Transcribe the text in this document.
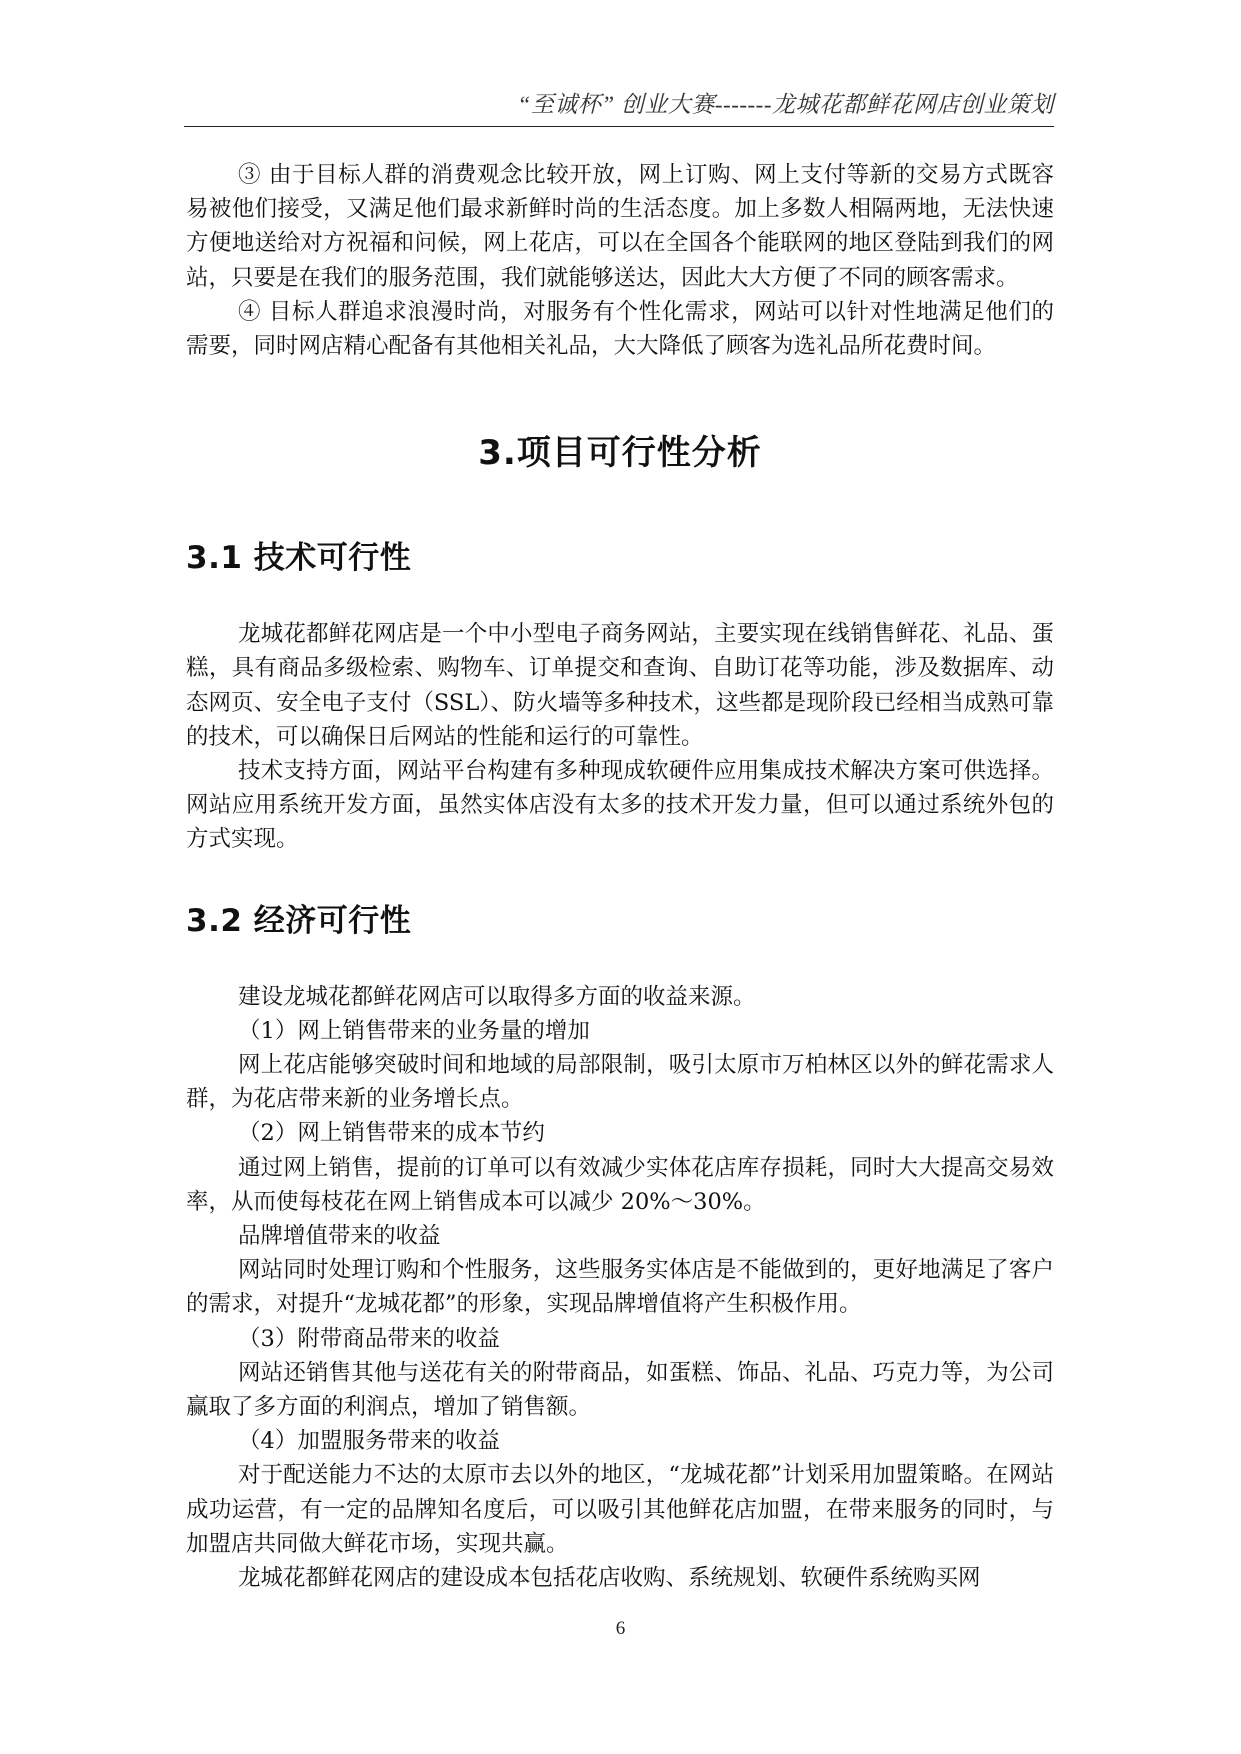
“至诚杯” 创业大赛-------龙城花都鲜花网店创业策划

③ 由于目标人群的消费观念比较开放，网上订购、网上支付等新的交易方式既容易被他们接受，又满足他们最求新鲜时尚的生活态度。加上多数人相隔两地，无法快速方便地送给对方祝福和问候，网上花店，可以在全国各个能联网的地区登陆到我们的网站，只要是在我们的服务范围，我们就能够送达，因此大大方便了不同的顾客需求。

④ 目标人群追求浪漫时尚，对服务有个性化需求，网站可以针对性地满足他们的需要，同时网店精心配备有其他相关礼品，大大降低了顾客为选礼品所花费时间。

3.项目可行性分析
3.1 技术可行性

龙城花都鲜花网店是一个中小型电子商务网站，主要实现在线销售鲜花、礼品、蛋糕，具有商品多级检索、购物车、订单提交和查询、自助订花等功能，涉及数据库、动态网页、安全电子支付（SSL）、防火墙等多种技术，这些都是现阶段已经相当成熟可靠的技术，可以确保日后网站的性能和运行的可靠性。

技术支持方面，网站平台构建有多种现成软硬件应用集成技术解决方案可供选择。网站应用系统开发方面，虽然实体店没有太多的技术开发力量，但可以通过系统外包的方式实现。

3.2 经济可行性

建设龙城花都鲜花网店可以取得多方面的收益来源。

（1）网上销售带来的业务量的增加

网上花店能够突破时间和地域的局部限制，吸引太原市万柏林区以外的鲜花需求人群，为花店带来新的业务增长点。

（2）网上销售带来的成本节约

通过网上销售，提前的订单可以有效减少实体花店库存损耗，同时大大提高交易效率，从而使每枝花在网上销售成本可以减少 20%～30%。

品牌增值带来的收益

网站同时处理订购和个性服务，这些服务实体店是不能做到的，更好地满足了客户的需求，对提升“龙城花都”的形象，实现品牌增值将产生积极作用。

（3）附带商品带来的收益

网站还销售其他与送花有关的附带商品，如蛋糕、饰品、礼品、巧克力等，为公司赢取了多方面的利润点，增加了销售额。

（4）加盟服务带来的收益

对于配送能力不达的太原市去以外的地区，“龙城花都”计划采用加盟策略。在网站成功运营，有一定的品牌知名度后，可以吸引其他鲜花店加盟，在带来服务的同时，与加盟店共同做大鲜花市场，实现共赢。

龙城花都鲜花网店的建设成本包括花店收购、系统规划、软硬件系统购买网

6
